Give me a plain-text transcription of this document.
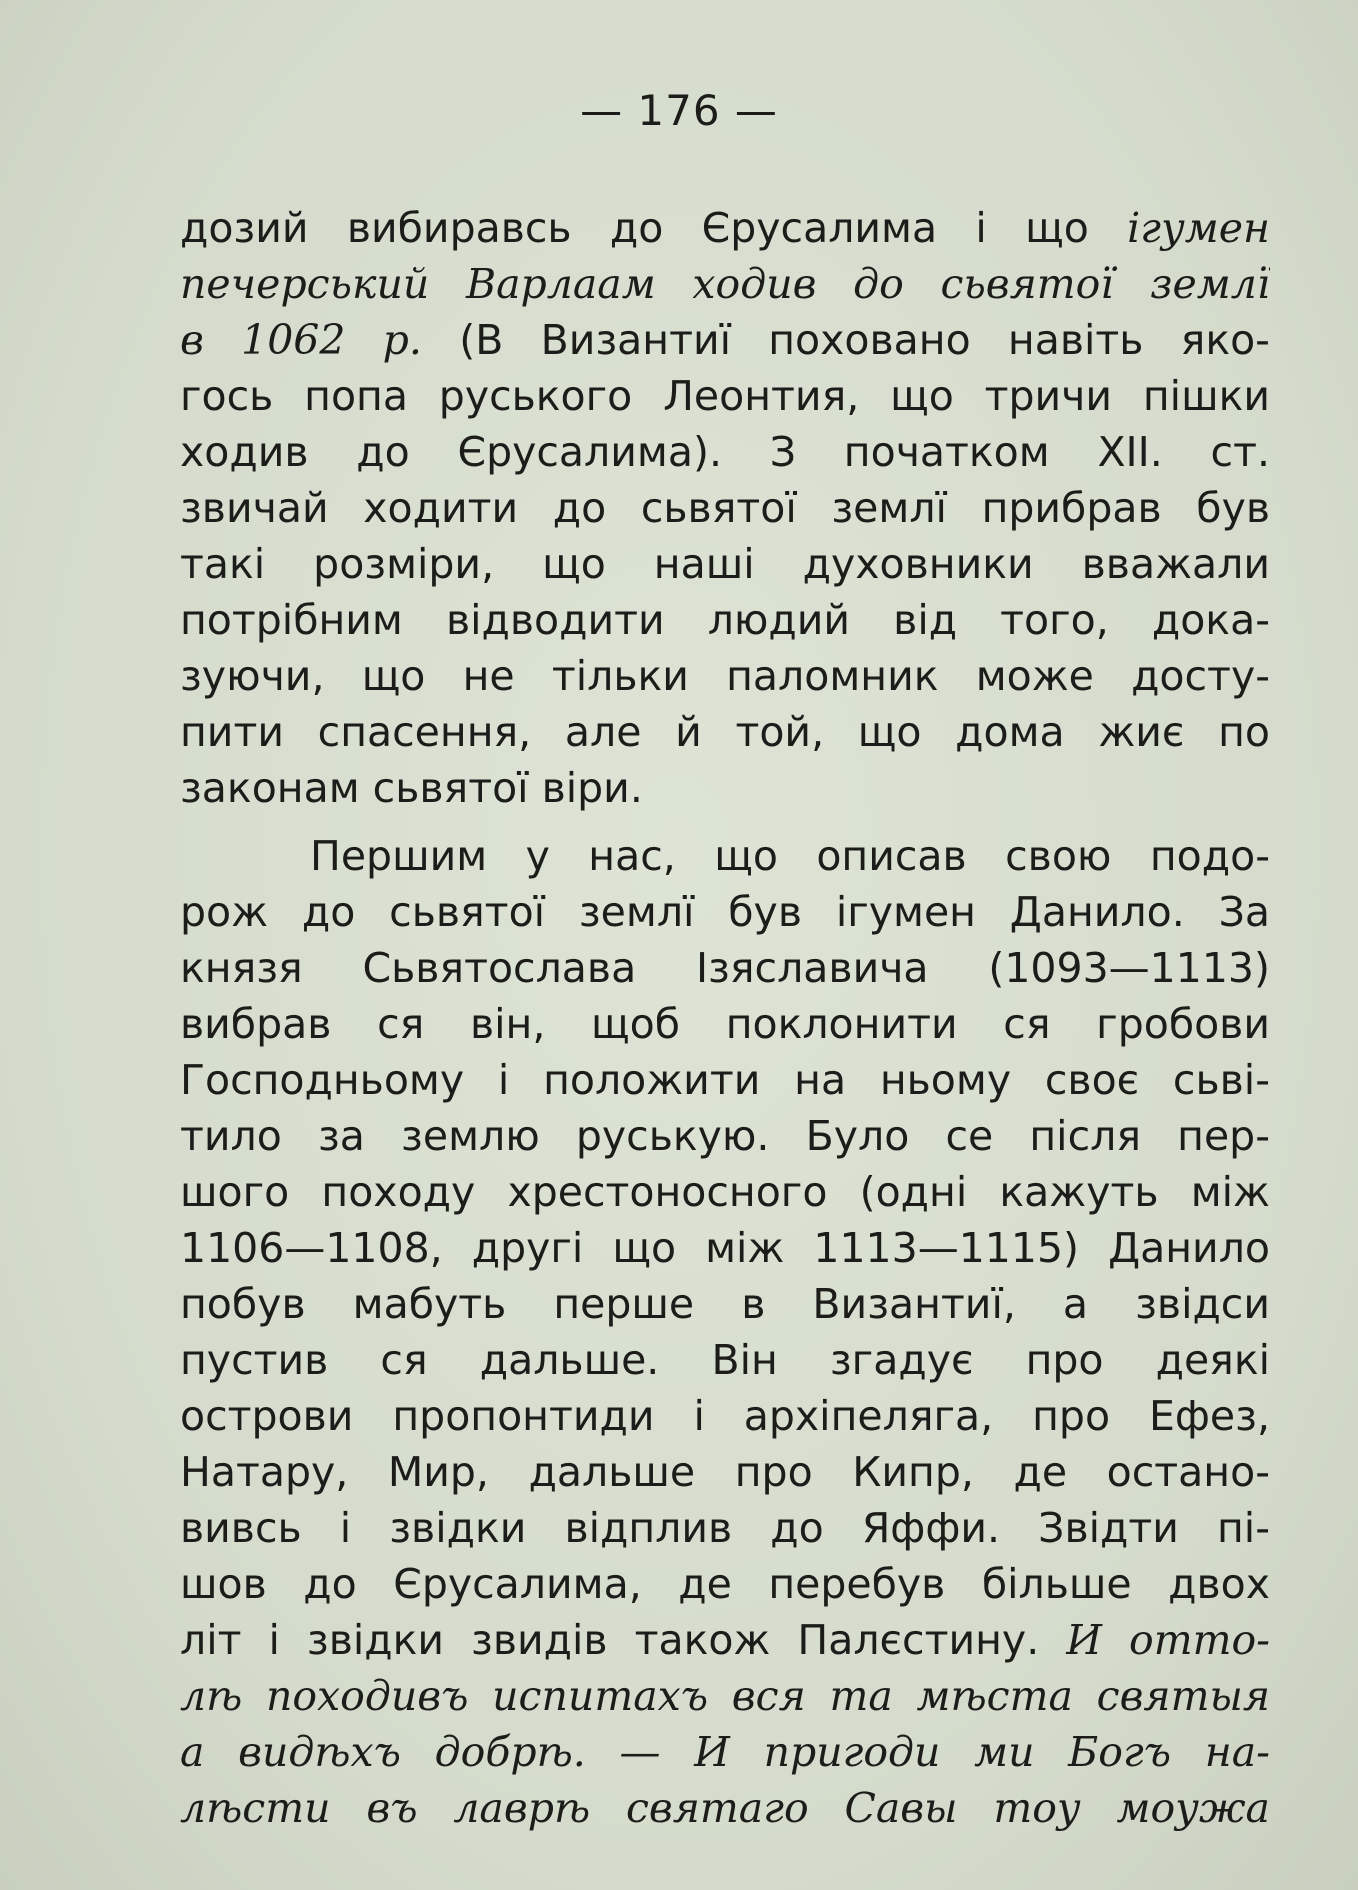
— 176 —
дозий вибиравсь до Єрусалима і що ігумен
печерський Варлаам ходив до сьвятої землї
в 1062 р. (В Византиї поховано навіть яко-
гось попа руського Леонтия, що тричи пішки
ходив до Єрусалима). З початком XII. ст.
звичай ходити до сьвятої землї прибрав був
такі розміри, що наші духовники вважали
потрібним відводити людий від того, дока-
зуючи, що не тільки паломник може досту-
пити спасення, але й той, що дома жиє по
законам сьвятої віри.
Першим у нас, що описав свою подо-
рож до сьвятої землї був ігумен Данило. За
князя Сьвятослава Ізяславича (1093—1113)
вибрав ся він, щоб поклонити ся гробови
Господньому і положити на ньому своє сьві-
тило за землю руськую. Було се після пер-
шого походу хрестоносного (одні кажуть між
1106—1108, другі що між 1113—1115) Данило
побув мабуть перше в Византиї, а звідси
пустив ся дальше. Він згадує про деякі
острови пропонтиди і архіпеляга, про Ефез,
Натару, Мир, дальше про Кипр, де остано-
вивсь і звідки відплив до Яффи. Звідти пі-
шов до Єрусалима, де перебув більше двох
літ і звідки звидів також Палєстину. И отто-
лѣ походивъ испитахъ вся та мѣста святыя
а видѣхъ добрѣ. — И пригоди ми Богъ на-
лѣсти въ лаврѣ святаго Савы тоу моужа
